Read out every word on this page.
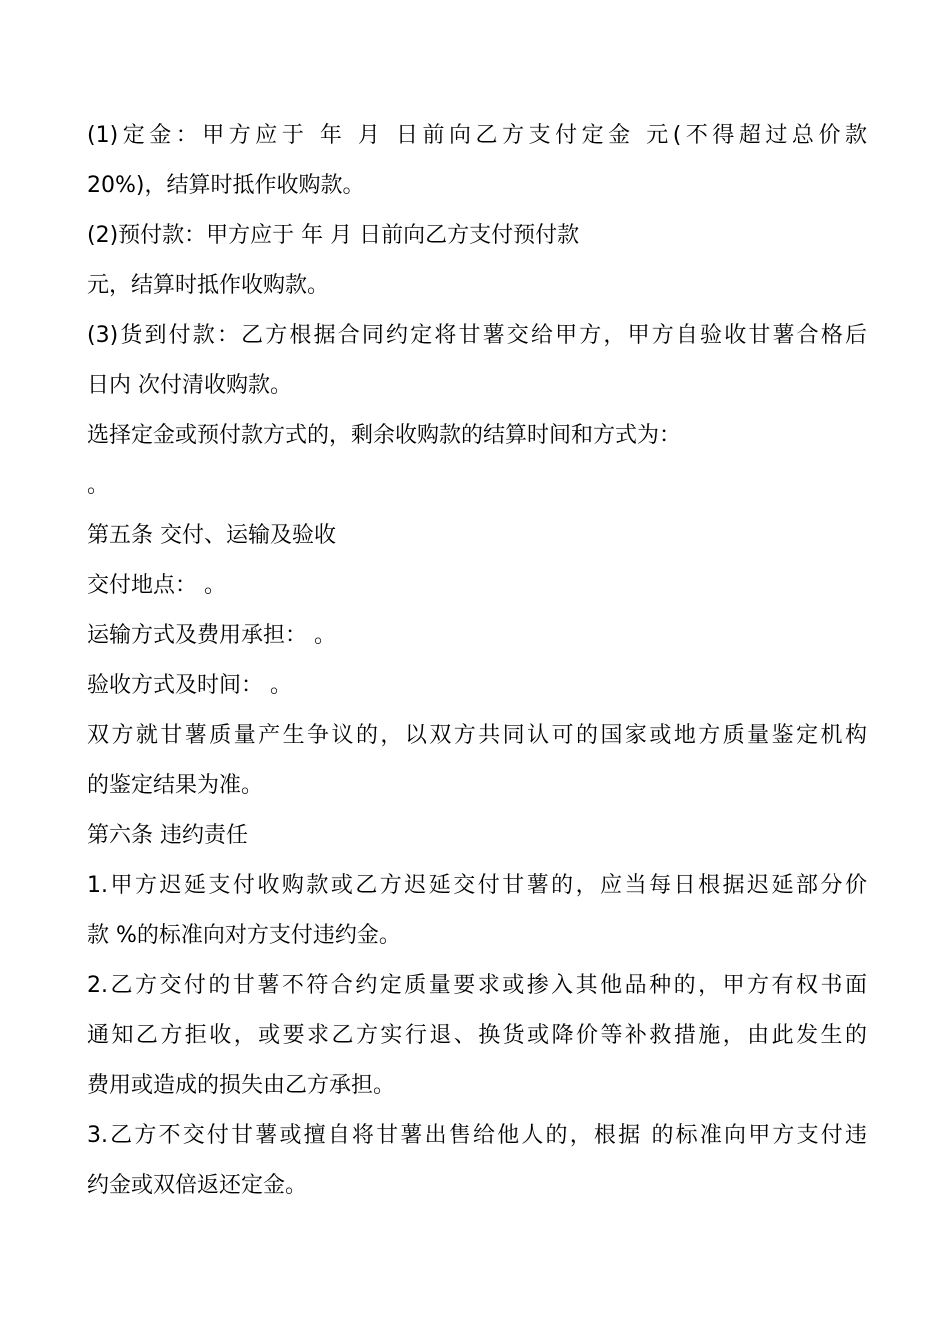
(1)定金：甲方应于 年 月 日前向乙方支付定金 元(不得超过总价款
20%)，结算时抵作收购款。
(2)预付款：甲方应于 年 月 日前向乙方支付预付款
元，结算时抵作收购款。
(3)货到付款：乙方根据合同约定将甘薯交给甲方，甲方自验收甘薯合格后
日内 次付清收购款。
选择定金或预付款方式的，剩余收购款的结算时间和方式为：
。
第五条 交付、运输及验收
交付地点： 。
运输方式及费用承担： 。
验收方式及时间： 。
双方就甘薯质量产生争议的，以双方共同认可的国家或地方质量鉴定机构
的鉴定结果为准。
第六条 违约责任
1.甲方迟延支付收购款或乙方迟延交付甘薯的，应当每日根据迟延部分价
款 %的标准向对方支付违约金。
2.乙方交付的甘薯不符合约定质量要求或掺入其他品种的，甲方有权书面
通知乙方拒收，或要求乙方实行退、换货或降价等补救措施，由此发生的
费用或造成的损失由乙方承担。
3.乙方不交付甘薯或擅自将甘薯出售给他人的，根据 的标准向甲方支付违
约金或双倍返还定金。
